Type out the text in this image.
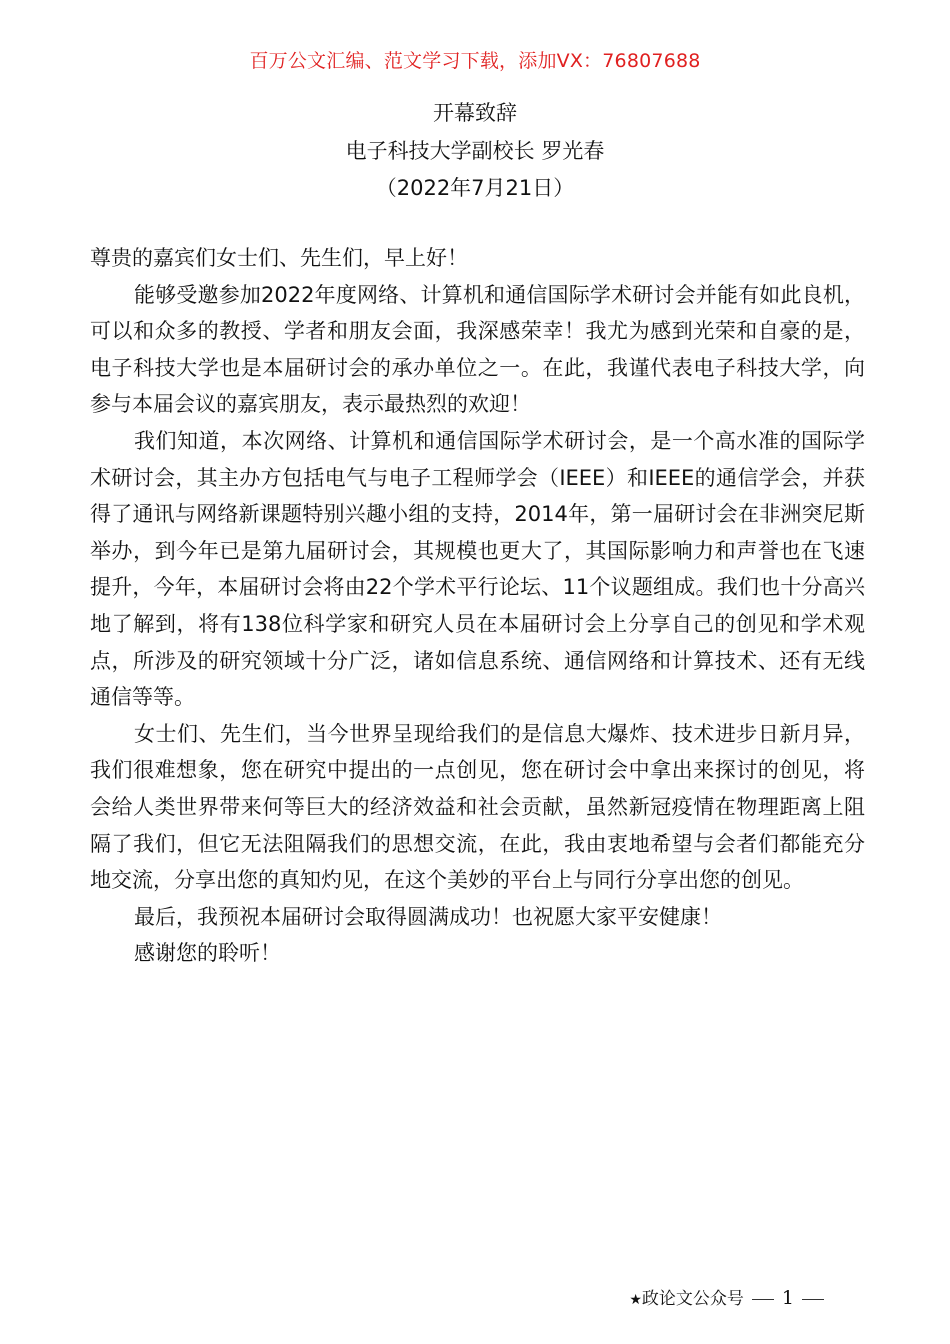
百万公文汇编、范文学习下载，添加VX：76807688
开幕致辞
电子科技大学副校长 罗光春
（2022年7月21日）

尊贵的嘉宾们女士们、先生们，早上好！

能够受邀参加2022年度网络、计算机和通信国际学术研讨会并能有如此良机，可以和众多的教授、学者和朋友会面，我深感荣幸！我尤为感到光荣和自豪的是，电子科技大学也是本届研讨会的承办单位之一。在此，我谨代表电子科技大学，向参与本届会议的嘉宾朋友，表示最热烈的欢迎！

我们知道，本次网络、计算机和通信国际学术研讨会，是一个高水准的国际学术研讨会，其主办方包括电气与电子工程师学会（IEEE）和IEEE的通信学会，并获得了通讯与网络新课题特别兴趣小组的支持，2014年，第一届研讨会在非洲突尼斯举办，到今年已是第九届研讨会，其规模也更大了，其国际影响力和声誉也在飞速提升，今年，本届研讨会将由22个学术平行论坛、11个议题组成。我们也十分高兴地了解到，将有138位科学家和研究人员在本届研讨会上分享自己的创见和学术观点，所涉及的研究领域十分广泛，诸如信息系统、通信网络和计算技术、还有无线通信等等。

女士们、先生们，当今世界呈现给我们的是信息大爆炸、技术进步日新月异，我们很难想象，您在研究中提出的一点创见，您在研讨会中拿出来探讨的创见，将会给人类世界带来何等巨大的经济效益和社会贡献，虽然新冠疫情在物理距离上阻隔了我们，但它无法阻隔我们的思想交流，在此，我由衷地希望与会者们都能充分地交流，分享出您的真知灼见，在这个美妙的平台上与同行分享出您的创见。

最后，我预祝本届研讨会取得圆满成功！也祝愿大家平安健康！

感谢您的聆听！

★政论文公众号 1
